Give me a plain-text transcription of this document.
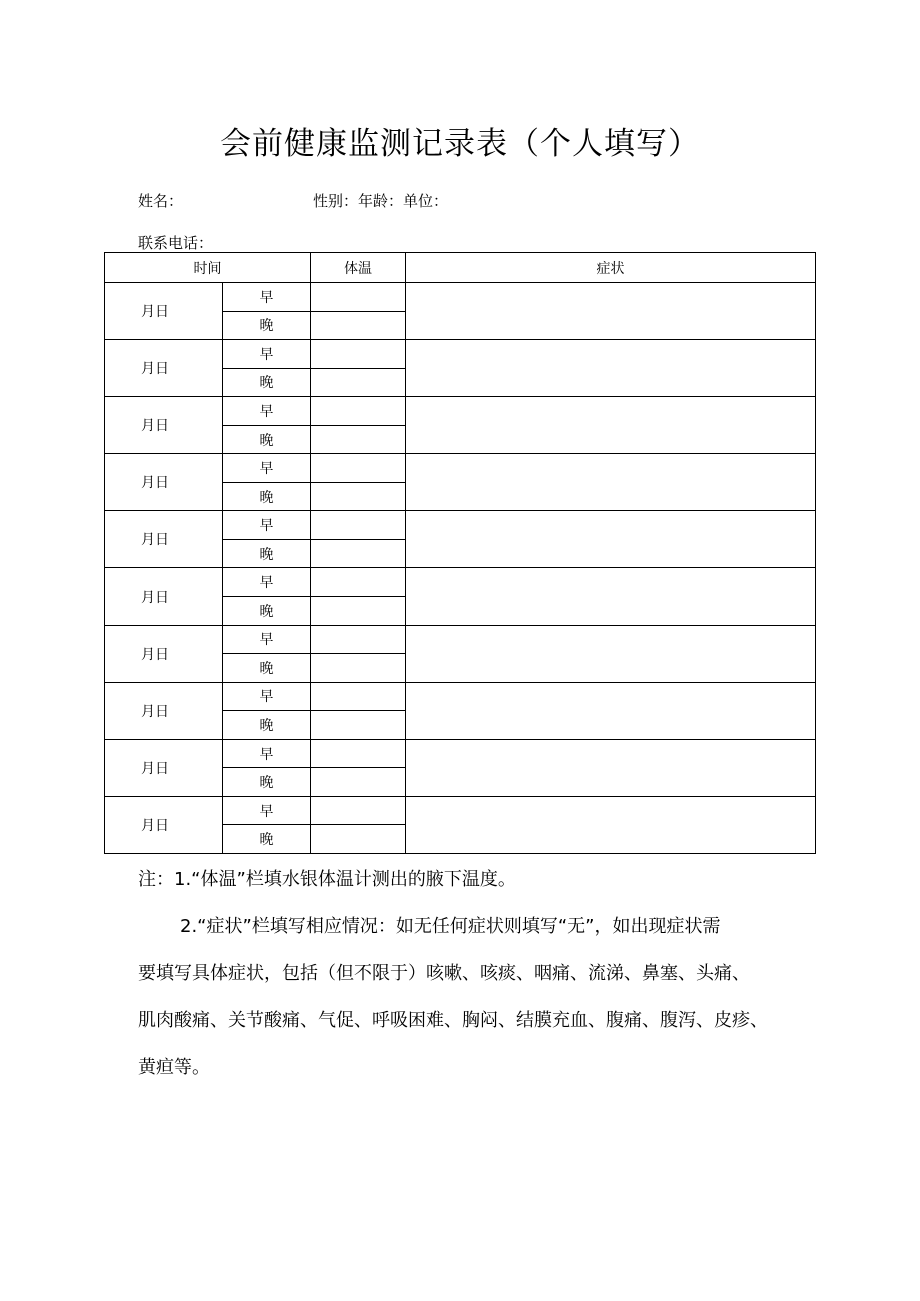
会前健康监测记录表（个人填写）
姓名：	性别：年龄：单位：
联系电话：
时间		体温	症状
月日	早		
	晚		
月日	早		
	晚		
月日	早		
	晚		
月日	早		
	晚		
月日	早		
	晚		
月日	早		
	晚		
月日	早		
	晚		
月日	早		
	晚		
月日	早		
	晚		
月日	早		
	晚		

注：1.“体温”栏填水银体温计测出的腋下温度。

2.“症状”栏填写相应情况：如无任何症状则填写“无”，如出现症状需

要填写具体症状，包括（但不限于）咳嗽、咳痰、咽痛、流涕、鼻塞、头痛、

肌肉酸痛、关节酸痛、气促、呼吸困难、胸闷、结膜充血、腹痛、腹泻、皮疹、

黄疸等。
